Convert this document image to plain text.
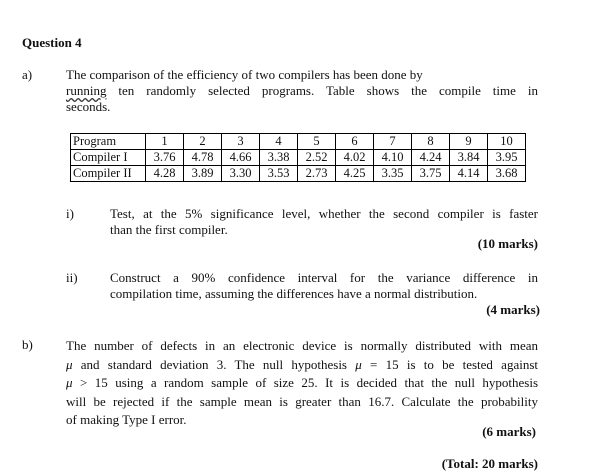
Question 4
a)	The comparison of the efficiency of two compilers has been done by
running ten randomly selected programs. Table shows the compile time in
seconds.
Program	1	2	3	4	5	6	7	8	9	10
Compiler I	3.76	4.78	4.66	3.38	2.52	4.02	4.10	4.24	3.84	3.95
Compiler II	4.28	3.89	3.30	3.53	2.73	4.25	3.35	3.75	4.14	3.68
i)	Test, at the 5% significance level, whether the second compiler is faster
than the first compiler.
(10 marks)
ii) Construct a 90% confidence interval for the variance difference in
compilation time, assuming the differences have a normal distribution.
(4 marks)
b)	The number of defects in an electronic device is normally distributed with mean
μ and standard deviation 3. The null hypothesis μ = 15 is to be tested against
μ > 15 using a random sample of size 25. It is decided that the null hypothesis
will be rejected if the sample mean is greater than 16.7. Calculate the probability
of making Type I error.
(6 marks)
(Total: 20 marks)
